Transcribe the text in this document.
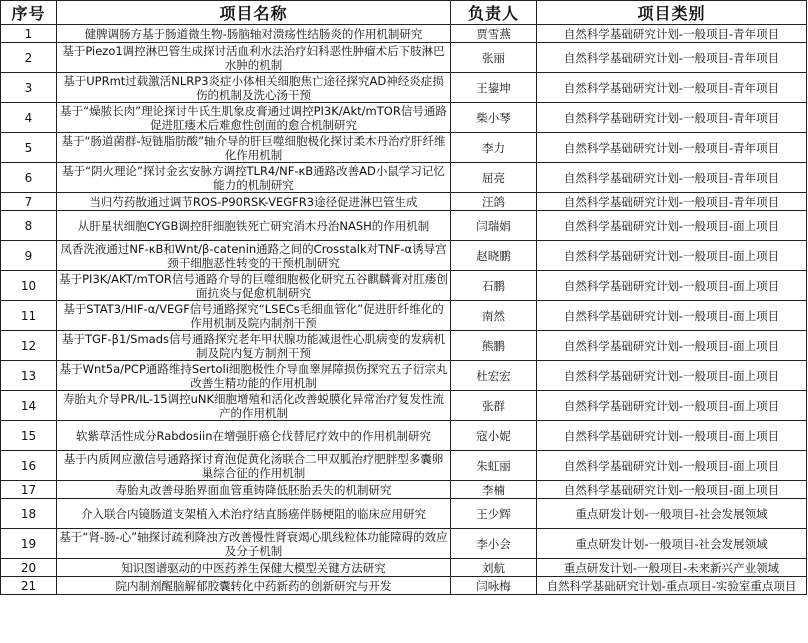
序号	项目名称	负责人	项目类别
1	健脾调肠方基于肠道微生物-肠脑轴对溃疡性结肠炎的作用机制研究	贾雪燕	自然科学基础研究计划-一般项目-青年项目
2	基于Piezo1调控淋巴管生成探讨活血利水法治疗妇科恶性肿瘤术后下肢淋巴水肿的机制	张丽	自然科学基础研究计划-一般项目-青年项目
3	基于UPRmt过载激活NLRP3炎症小体相关细胞焦亡途径探究AD神经炎症损伤的机制及洗心汤干预	王鋆坤	自然科学基础研究计划-一般项目-青年项目
4	基于“燥脓长肉”理论探讨牛氏生肌象皮膏通过调控PI3K/Akt/mTOR信号通路促进肛瘘术后难愈性创面的愈合机制研究	柴小琴	自然科学基础研究计划-一般项目-青年项目
5	基于“肠道菌群-短链脂肪酸”轴介导的肝巨噬细胞极化探讨柔木丹治疗肝纤维化作用机制	李力	自然科学基础研究计划-一般项目-青年项目
6	基于“阴火理论”探讨金玄安脉方调控TLR4/NF-κB通路改善AD小鼠学习记忆能力的机制研究	屈亮	自然科学基础研究计划-一般项目-青年项目
7	当归芍药散通过调节ROS-P90RSK-VEGFR3途径促进淋巴管生成	汪鸽	自然科学基础研究计划-一般项目-青年项目
8	从肝星状细胞CYGB调控肝细胞铁死亡研究消木丹治NASH的作用机制	闫瑞娟	自然科学基础研究计划-一般项目-面上项目
9	凤香洗液通过NF-κB和Wnt/β-catenin通路之间的Crosstalk对TNF-α诱导宫颈干细胞恶性转变的干预机制研究	赵晓鹏	自然科学基础研究计划-一般项目-面上项目
10	基于PI3K/AKT/mTOR信号通路介导的巨噬细胞极化研究五谷麒麟膏对肛瘘创面抗炎与促愈机制研究	石鹏	自然科学基础研究计划-一般项目-面上项目
11	基于STAT3/HIF-α/VEGF信号通路探究“LSECs毛细血管化”促进肝纤维化的作用机制及院内制剂干预	南然	自然科学基础研究计划-一般项目-面上项目
12	基于TGF-β1/Smads信号通路探究老年甲状腺功能减退性心肌病变的发病机制及院内复方制剂干预	熊鹏	自然科学基础研究计划-一般项目-面上项目
13	基于Wnt5a/PCP通路维持Sertoli细胞极性介导血睾屏障损伤探究五子衍宗丸改善生精功能的作用机制	杜宏宏	自然科学基础研究计划-一般项目-面上项目
14	寿胎丸介导PR/IL-15调控uNK细胞增殖和活化改善蜕膜化异常治疗复发性流产的作用机制	张群	自然科学基础研究计划-一般项目-面上项目
15	软紫草活性成分Rabdosiin在增强肝癌仑伐替尼疗效中的作用机制研究	寇小妮	自然科学基础研究计划-一般项目-面上项目
16	基于内质网应激信号通路探讨育泡促黄化汤联合二甲双胍治疗肥胖型多囊卵巢综合征的作用机制	朱虹丽	自然科学基础研究计划-一般项目-面上项目
17	寿胎丸改善母胎界面血管重铸降低胚胎丢失的机制研究	李楠	自然科学基础研究计划-一般项目-面上项目
18	介入联合内镜肠道支架植入术治疗结直肠癌伴肠梗阻的临床应用研究	王少辉	重点研发计划-一般项目-社会发展领域
19	基于“肾-肠-心”轴探讨疏利降浊方改善慢性肾衰竭心肌线粒体功能障碍的效应及分子机制	李小会	重点研发计划-一般项目-社会发展领域
20	知识图谱驱动的中医药养生保健大模型关键方法研究	刘航	重点研发计划-一般项目-未来新兴产业领域
21	院内制剂醒脑解郁胶囊转化中药新药的创新研究与开发	闫咏梅	自然科学基础研究计划-重点项目-实验室重点项目
